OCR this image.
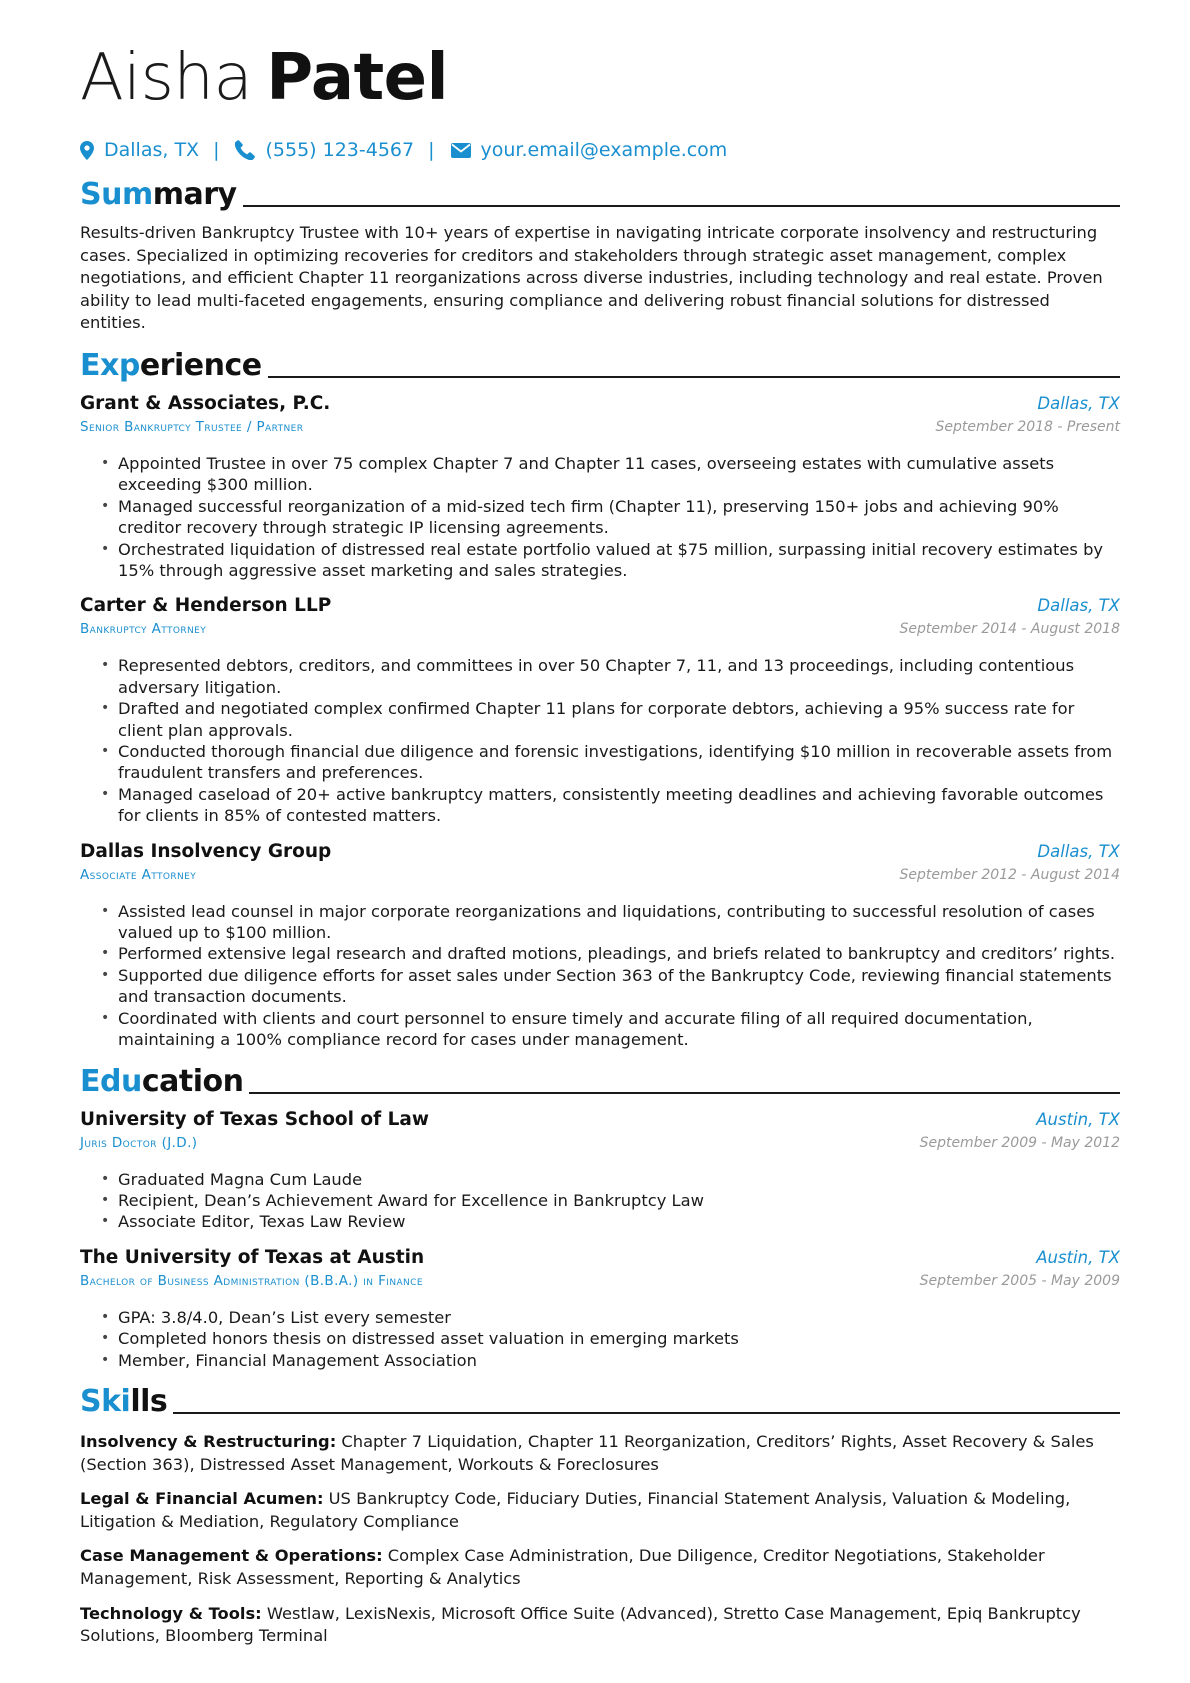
Aisha Patel
Dallas, TX | (555) 123-4567 | your.email@example.com
Summary
Results-driven Bankruptcy Trustee with 10+ years of expertise in navigating intricate corporate insolvency and restructuring cases. Specialized in optimizing recoveries for creditors and stakeholders through strategic asset management, complex negotiations, and efficient Chapter 11 reorganizations across diverse industries, including technology and real estate. Proven ability to lead multi-faceted engagements, ensuring compliance and delivering robust financial solutions for distressed entities.
Experience
Grant & Associates, P.C.	Dallas, TX
Senior Bankruptcy Trustee / Partner	September 2018 - Present
• Appointed Trustee in over 75 complex Chapter 7 and Chapter 11 cases, overseeing estates with cumulative assets exceeding $300 million.
• Managed successful reorganization of a mid-sized tech firm (Chapter 11), preserving 150+ jobs and achieving 90% creditor recovery through strategic IP licensing agreements.
• Orchestrated liquidation of distressed real estate portfolio valued at $75 million, surpassing initial recovery estimates by 15% through aggressive asset marketing and sales strategies.
Carter & Henderson LLP	Dallas, TX
Bankruptcy Attorney	September 2014 - August 2018
• Represented debtors, creditors, and committees in over 50 Chapter 7, 11, and 13 proceedings, including contentious adversary litigation.
• Drafted and negotiated complex confirmed Chapter 11 plans for corporate debtors, achieving a 95% success rate for client plan approvals.
• Conducted thorough financial due diligence and forensic investigations, identifying $10 million in recoverable assets from fraudulent transfers and preferences.
• Managed caseload of 20+ active bankruptcy matters, consistently meeting deadlines and achieving favorable outcomes for clients in 85% of contested matters.
Dallas Insolvency Group	Dallas, TX
Associate Attorney	September 2012 - August 2014
• Assisted lead counsel in major corporate reorganizations and liquidations, contributing to successful resolution of cases valued up to $100 million.
• Performed extensive legal research and drafted motions, pleadings, and briefs related to bankruptcy and creditors’ rights.
• Supported due diligence efforts for asset sales under Section 363 of the Bankruptcy Code, reviewing financial statements and transaction documents.
• Coordinated with clients and court personnel to ensure timely and accurate filing of all required documentation, maintaining a 100% compliance record for cases under management.
Education
University of Texas School of Law	Austin, TX
Juris Doctor (J.D.)	September 2009 - May 2012
• Graduated Magna Cum Laude
• Recipient, Dean’s Achievement Award for Excellence in Bankruptcy Law
• Associate Editor, Texas Law Review
The University of Texas at Austin	Austin, TX
Bachelor of Business Administration (B.B.A.) in Finance	September 2005 - May 2009
• GPA: 3.8/4.0, Dean’s List every semester
• Completed honors thesis on distressed asset valuation in emerging markets
• Member, Financial Management Association
Skills
Insolvency & Restructuring: Chapter 7 Liquidation, Chapter 11 Reorganization, Creditors’ Rights, Asset Recovery & Sales (Section 363), Distressed Asset Management, Workouts & Foreclosures
Legal & Financial Acumen: US Bankruptcy Code, Fiduciary Duties, Financial Statement Analysis, Valuation & Modeling, Litigation & Mediation, Regulatory Compliance
Case Management & Operations: Complex Case Administration, Due Diligence, Creditor Negotiations, Stakeholder Management, Risk Assessment, Reporting & Analytics
Technology & Tools: Westlaw, LexisNexis, Microsoft Office Suite (Advanced), Stretto Case Management, Epiq Bankruptcy Solutions, Bloomberg Terminal
